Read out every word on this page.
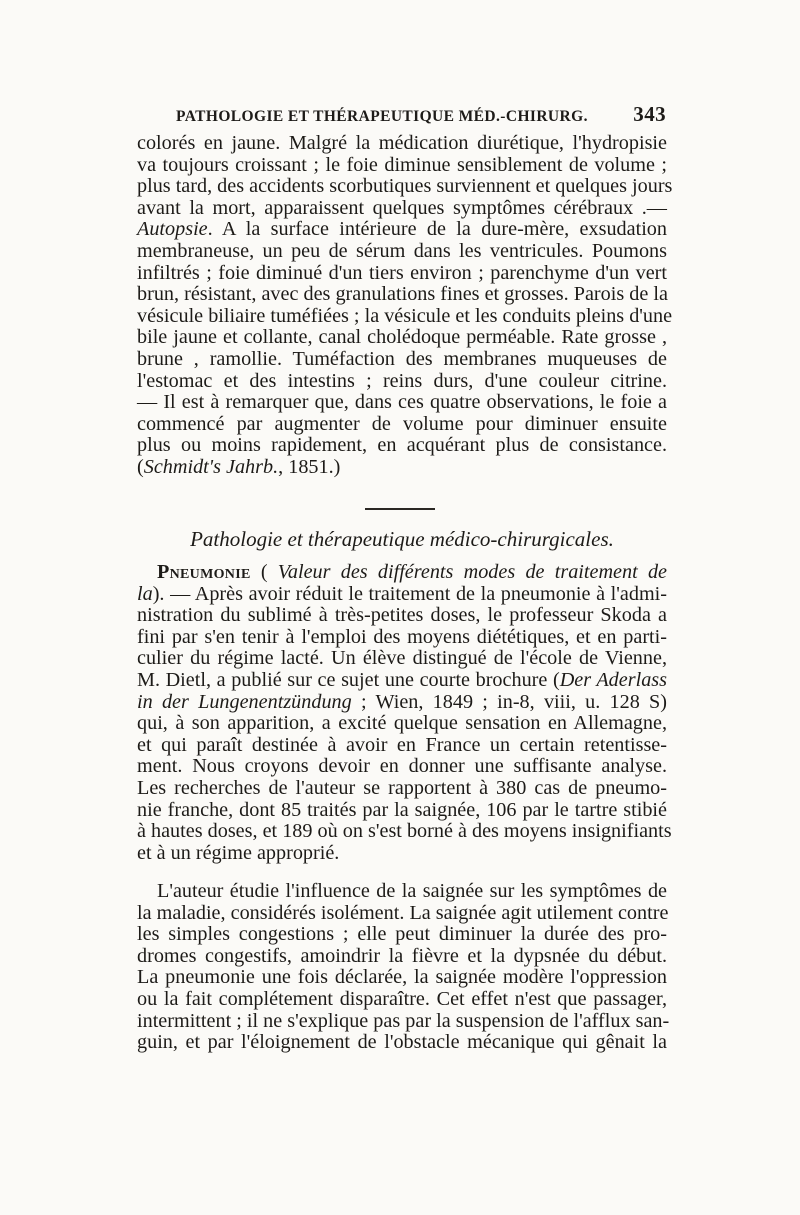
PATHOLOGIE ET THÉRAPEUTIQUE MÉD.-CHIRURG. 343
colorés en jaune. Malgré la médication diurétique, l'hydropisie
va toujours croissant ; le foie diminue sensiblement de volume ;
plus tard, des accidents scorbutiques surviennent et quelques jours
avant la mort, apparaissent quelques symptômes cérébraux .—
Autopsie. A la surface intérieure de la dure-mère, exsudation
membraneuse, un peu de sérum dans les ventricules. Poumons
infiltrés ; foie diminué d'un tiers environ ; parenchyme d'un vert
brun, résistant, avec des granulations fines et grosses. Parois de la
vésicule biliaire tuméfiées ; la vésicule et les conduits pleins d'une
bile jaune et collante, canal cholédoque perméable. Rate grosse ,
brune , ramollie. Tuméfaction des membranes muqueuses de
l'estomac et des intestins ; reins durs, d'une couleur citrine.
— Il est à remarquer que, dans ces quatre observations, le foie a
commencé par augmenter de volume pour diminuer ensuite
plus ou moins rapidement, en acquérant plus de consistance.
(Schmidt's Jahrb., 1851.)
Pathologie et thérapeutique médico-chirurgicales.
Pneumonie ( Valeur des différents modes de traitement de
la). — Après avoir réduit le traitement de la pneumonie à l'admi-
nistration du sublimé à très-petites doses, le professeur Skoda a
fini par s'en tenir à l'emploi des moyens diététiques, et en parti-
culier du régime lacté. Un élève distingué de l'école de Vienne,
M. Dietl, a publié sur ce sujet une courte brochure (Der Aderlass
in der Lungenentzündung ; Wien, 1849 ; in-8, viii, u. 128 S)
qui, à son apparition, a excité quelque sensation en Allemagne,
et qui paraît destinée à avoir en France un certain retentisse-
ment. Nous croyons devoir en donner une suffisante analyse.
Les recherches de l'auteur se rapportent à 380 cas de pneumo-
nie franche, dont 85 traités par la saignée, 106 par le tartre stibié
à hautes doses, et 189 où on s'est borné à des moyens insignifiants
et à un régime approprié.
L'auteur étudie l'influence de la saignée sur les symptômes de
la maladie, considérés isolément. La saignée agit utilement contre
les simples congestions ; elle peut diminuer la durée des pro-
dromes congestifs, amoindrir la fièvre et la dypsnée du début.
La pneumonie une fois déclarée, la saignée modère l'oppression
ou la fait complétement disparaître. Cet effet n'est que passager,
intermittent ; il ne s'explique pas par la suspension de l'afflux san-
guin, et par l'éloignement de l'obstacle mécanique qui gênait la
